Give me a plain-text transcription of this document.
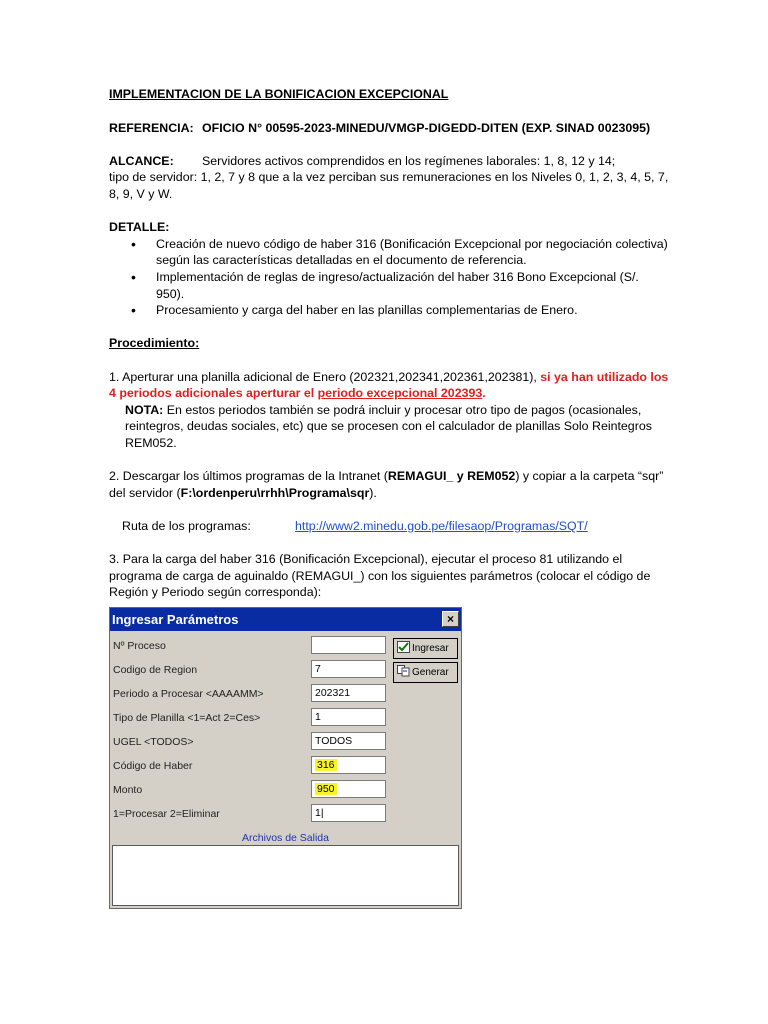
IMPLEMENTACION DE LA BONIFICACION EXCEPCIONAL

REFERENCIA: OFICIO N° 00595-2023-MINEDU/VMGP-DIGEDD-DITEN (EXP. SINAD 0023095)

ALCANCE: Servidores activos comprendidos en los regímenes laborales: 1, 8, 12 y 14;
tipo de servidor: 1, 2, 7 y 8 que a la vez perciban sus remuneraciones en los Niveles 0, 1, 2, 3, 4, 5, 7, 8, 9, V y W.

DETALLE:

• Creación de nuevo código de haber 316 (Bonificación Excepcional por negociación colectiva) según las características detalladas en el documento de referencia.
• Implementación de reglas de ingreso/actualización del haber 316 Bono Excepcional (S/. 950).
• Procesamiento y carga del haber en las planillas complementarias de Enero.

Procedimiento:

1. Aperturar una planilla adicional de Enero (202321,202341,202361,202381), si ya han utilizado los 4 periodos adicionales aperturar el periodo excepcional 202393.

NOTA: En estos periodos también se podrá incluir y procesar otro tipo de pagos (ocasionales, reintegros, deudas sociales, etc) que se procesen con el calculador de planillas Solo Reintegros REM052.

2. Descargar los últimos programas de la Intranet (REMAGUI_ y REM052) y copiar a la carpeta “sqr” del servidor (F:\ordenperu\rrhh\Programa\sqr).

Ruta de los programas:	http://www2.minedu.gob.pe/filesaop/Programas/SQT/

3. Para la carga del haber 316 (Bonificación Excepcional), ejecutar el proceso 81 utilizando el programa de carga de aguinaldo (REMAGUI_) con los siguientes parámetros (colocar el código de Región y Periodo según corresponda):

Ingresar Parámetros	×
Nº Proceso
Codigo de Region	7
Periodo a Procesar <AAAAMM>	202321
Tipo de Planilla <1=Act 2=Ces>	1
UGEL <TODOS>	TODOS
Código de Haber	316
Monto	950
1=Procesar 2=Eliminar	1|
Ingresar
Generar
Archivos de Salida
